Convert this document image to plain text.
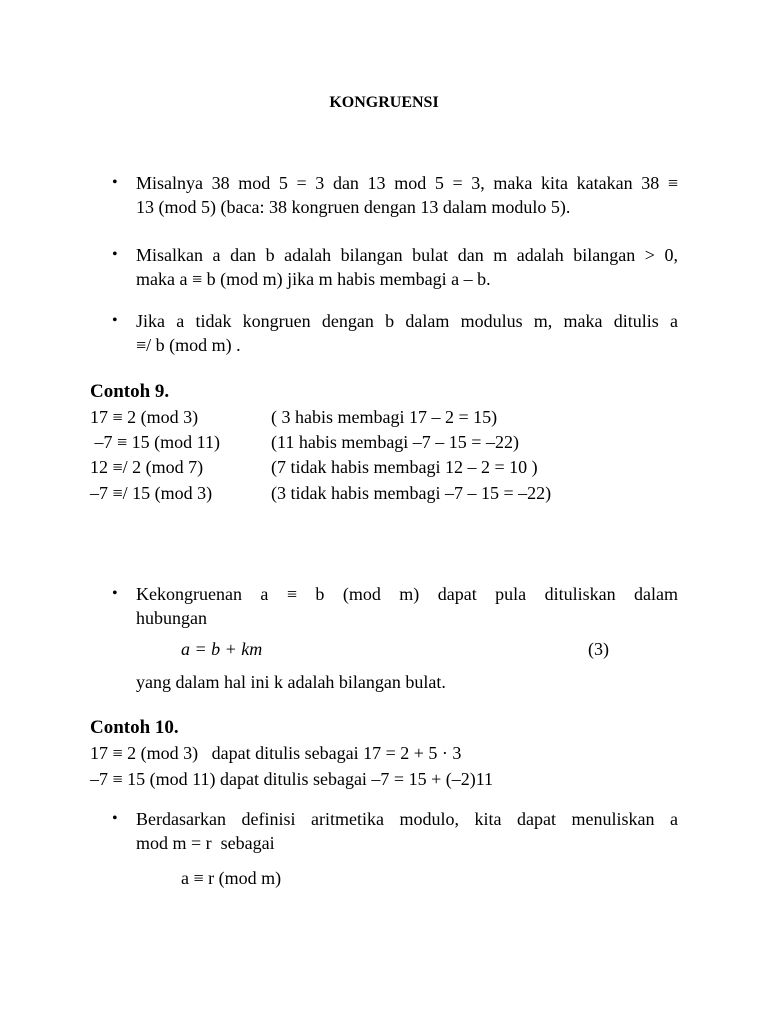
KONGRUENSI
• Misalnya 38 mod 5 = 3 dan 13 mod 5 = 3, maka kita katakan 38 ≡
13 (mod 5) (baca: 38 kongruen dengan 13 dalam modulo 5).
• Misalkan a dan b adalah bilangan bulat dan m adalah bilangan > 0,
maka a ≡ b (mod m) jika m habis membagi a – b.
• Jika a tidak kongruen dengan b dalam modulus m, maka ditulis a
≡/ b (mod m) .
Contoh 9.
17 ≡ 2 (mod 3)	( 3 habis membagi 17 – 2 = 15)
–7 ≡ 15 (mod 11)	(11 habis membagi –7 – 15 = –22)
12 ≡/ 2 (mod 7)	(7 tidak habis membagi 12 – 2 = 10 )
–7 ≡/ 15 (mod 3)	(3 tidak habis membagi –7 – 15 = –22)
• Kekongruenan a ≡ b (mod m) dapat pula dituliskan dalam
hubungan
a = b + km	(3)
yang dalam hal ini k adalah bilangan bulat.
Contoh 10.
17 ≡ 2 (mod 3)   dapat ditulis sebagai 17 = 2 + 5 · 3
–7 ≡ 15 (mod 11) dapat ditulis sebagai –7 = 15 + (–2)11
• Berdasarkan definisi aritmetika modulo, kita dapat menuliskan a
mod m = r  sebagai
a ≡ r (mod m)
